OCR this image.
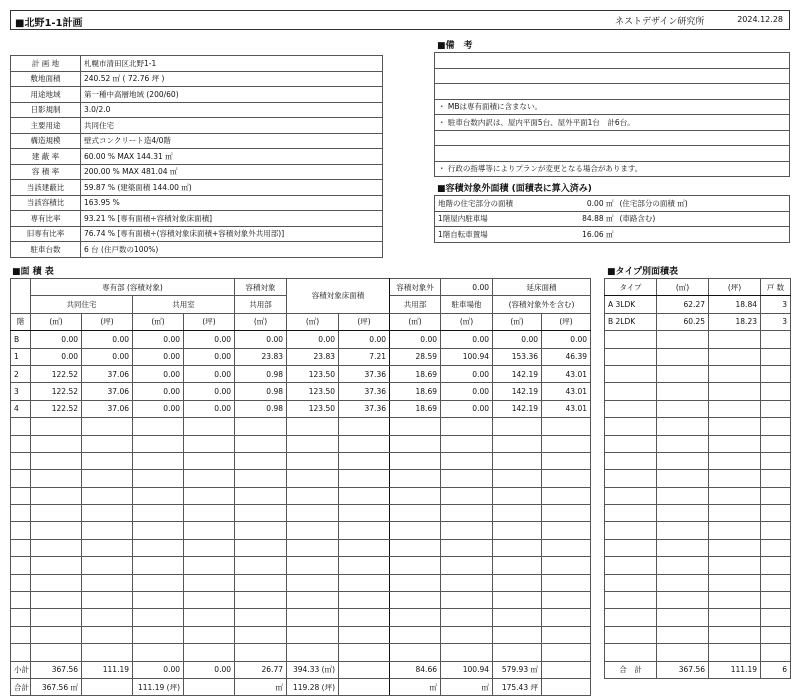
■北野1-1計画	ネストデザイン研究所	2024.12.28
計 画 地	札幌市清田区北野1-1
敷地面積	240.52 ㎡ ( 72.76 坪 )
用途地域	第一種中高層地域 (200/60)
日影規制	3.0/2.0
主要用途	共同住宅
構造規模	壁式コンクリート造4/0階
建 蔽 率	60.00 % MAX 144.31 ㎡
容 積 率	200.00 % MAX 481.04 ㎡
当該建蔽比	59.87 % (建築面積 144.00 ㎡)
当該容積比	163.95 %
専有比率	93.21 % [専有面積÷容積対象床面積]
旧専有比率	76.74 % [専有面積÷(容積対象床面積+容積対象外共用部)]
駐車台数	6 台 (住戸数の100%)
■備　考

・ MBは専有面積に含まない。
・ 駐車台数内訳は、屋内平面5台、屋外平面1台　計6台。

・ 行政の指導等によりプランが変更となる場合があります。
■容積対象外面積 (面積表に算入済み)
地階の住宅部分の面積	0.00 ㎡	(住宅部分の面積 ㎡)
1階屋内駐車場	84.88 ㎡	(車路含む)
1階自転車置場	16.06 ㎡	
■面 積 表
	専有部 (容積対象)				容積対象	容積対象床面積		容積対象外	0.00	延床面積	
	共同住宅		共用室		共用部			共用部	駐車場他	(容積対象外を含む)	
階	(㎡)	(坪)	(㎡)	(坪)	(㎡)	(㎡)	(坪)	(㎡)	(㎡)	(㎡)	(坪)
B	0.00	0.00	0.00	0.00	0.00	0.00	0.00	0.00	0.00	0.00	0.00
1	0.00	0.00	0.00	0.00	23.83	23.83	7.21	28.59	100.94	153.36	46.39
2	122.52	37.06	0.00	0.00	0.98	123.50	37.36	18.69	0.00	142.19	43.01
3	122.52	37.06	0.00	0.00	0.98	123.50	37.36	18.69	0.00	142.19	43.01
4	122.52	37.06	0.00	0.00	0.98	123.50	37.36	18.69	0.00	142.19	43.01

小計	367.56	111.19	0.00	0.00	26.77	394.33 (㎡)		84.66	100.94	579.93 ㎡	
合計	367.56 ㎡		111.19 (坪)		㎡	119.28 (坪)		㎡	㎡	175.43 坪	
■タイプ別面積表
タイプ	(㎡)	(坪)	戸 数
A 3LDK	62.27	18.84	3
B 2LDK	60.25	18.23	3

合　計	367.56	111.19	6
